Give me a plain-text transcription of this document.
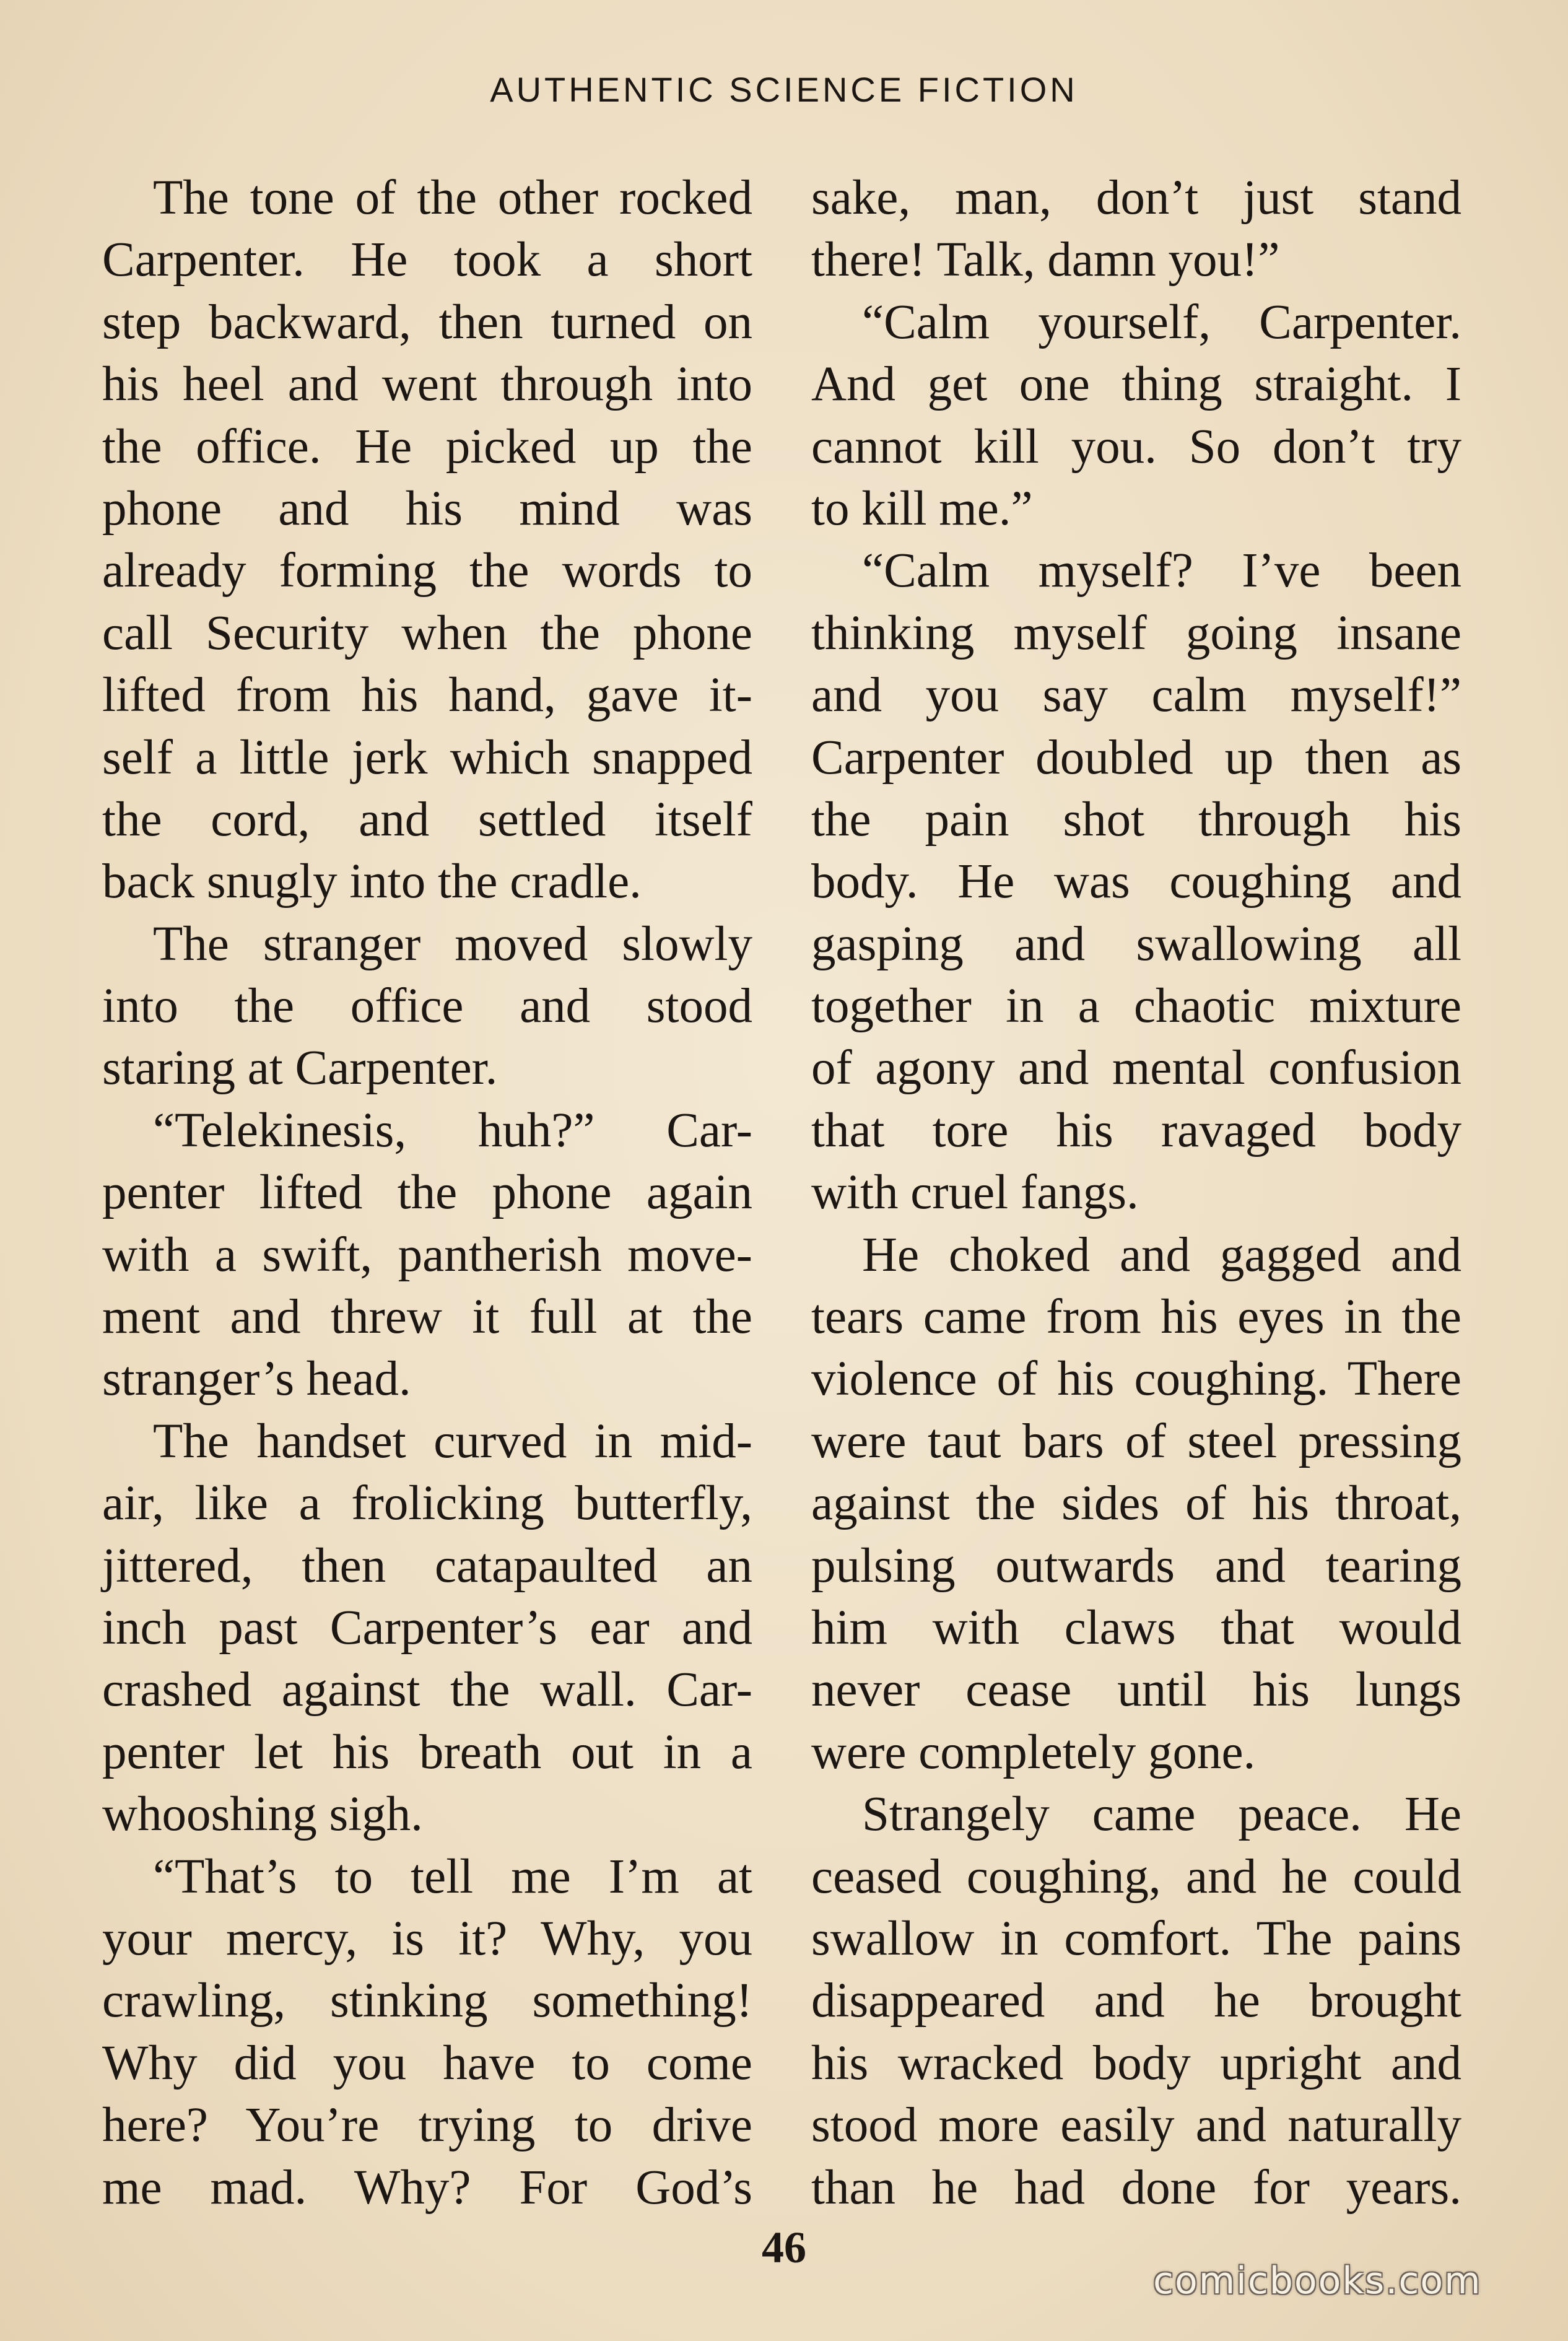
AUTHENTIC SCIENCE FICTION
The tone of the other rocked
Carpenter. He took a short
step backward, then turned on
his heel and went through into
the office. He picked up the
phone and his mind was
already forming the words to
call Security when the phone
lifted from his hand, gave it-
self a little jerk which snapped
the cord, and settled itself
back snugly into the cradle.
The stranger moved slowly
into the office and stood
staring at Carpenter.
“Telekinesis, huh?” Car-
penter lifted the phone again
with a swift, pantherish move-
ment and threw it full at the
stranger’s head.
The handset curved in mid-
air, like a frolicking butterfly,
jittered, then catapaulted an
inch past Carpenter’s ear and
crashed against the wall. Car-
penter let his breath out in a
whooshing sigh.
“That’s to tell me I’m at
your mercy, is it? Why, you
crawling, stinking something!
Why did you have to come
here? You’re trying to drive
me mad. Why? For God’s
sake, man, don’t just stand
there! Talk, damn you!”
“Calm yourself, Carpenter.
And get one thing straight. I
cannot kill you. So don’t try
to kill me.”
“Calm myself? I’ve been
thinking myself going insane
and you say calm myself!”
Carpenter doubled up then as
the pain shot through his
body. He was coughing and
gasping and swallowing all
together in a chaotic mixture
of agony and mental confusion
that tore his ravaged body
with cruel fangs.
He choked and gagged and
tears came from his eyes in the
violence of his coughing. There
were taut bars of steel pressing
against the sides of his throat,
pulsing outwards and tearing
him with claws that would
never cease until his lungs
were completely gone.
Strangely came peace. He
ceased coughing, and he could
swallow in comfort. The pains
disappeared and he brought
his wracked body upright and
stood more easily and naturally
than he had done for years.
46
comicbooks.com
